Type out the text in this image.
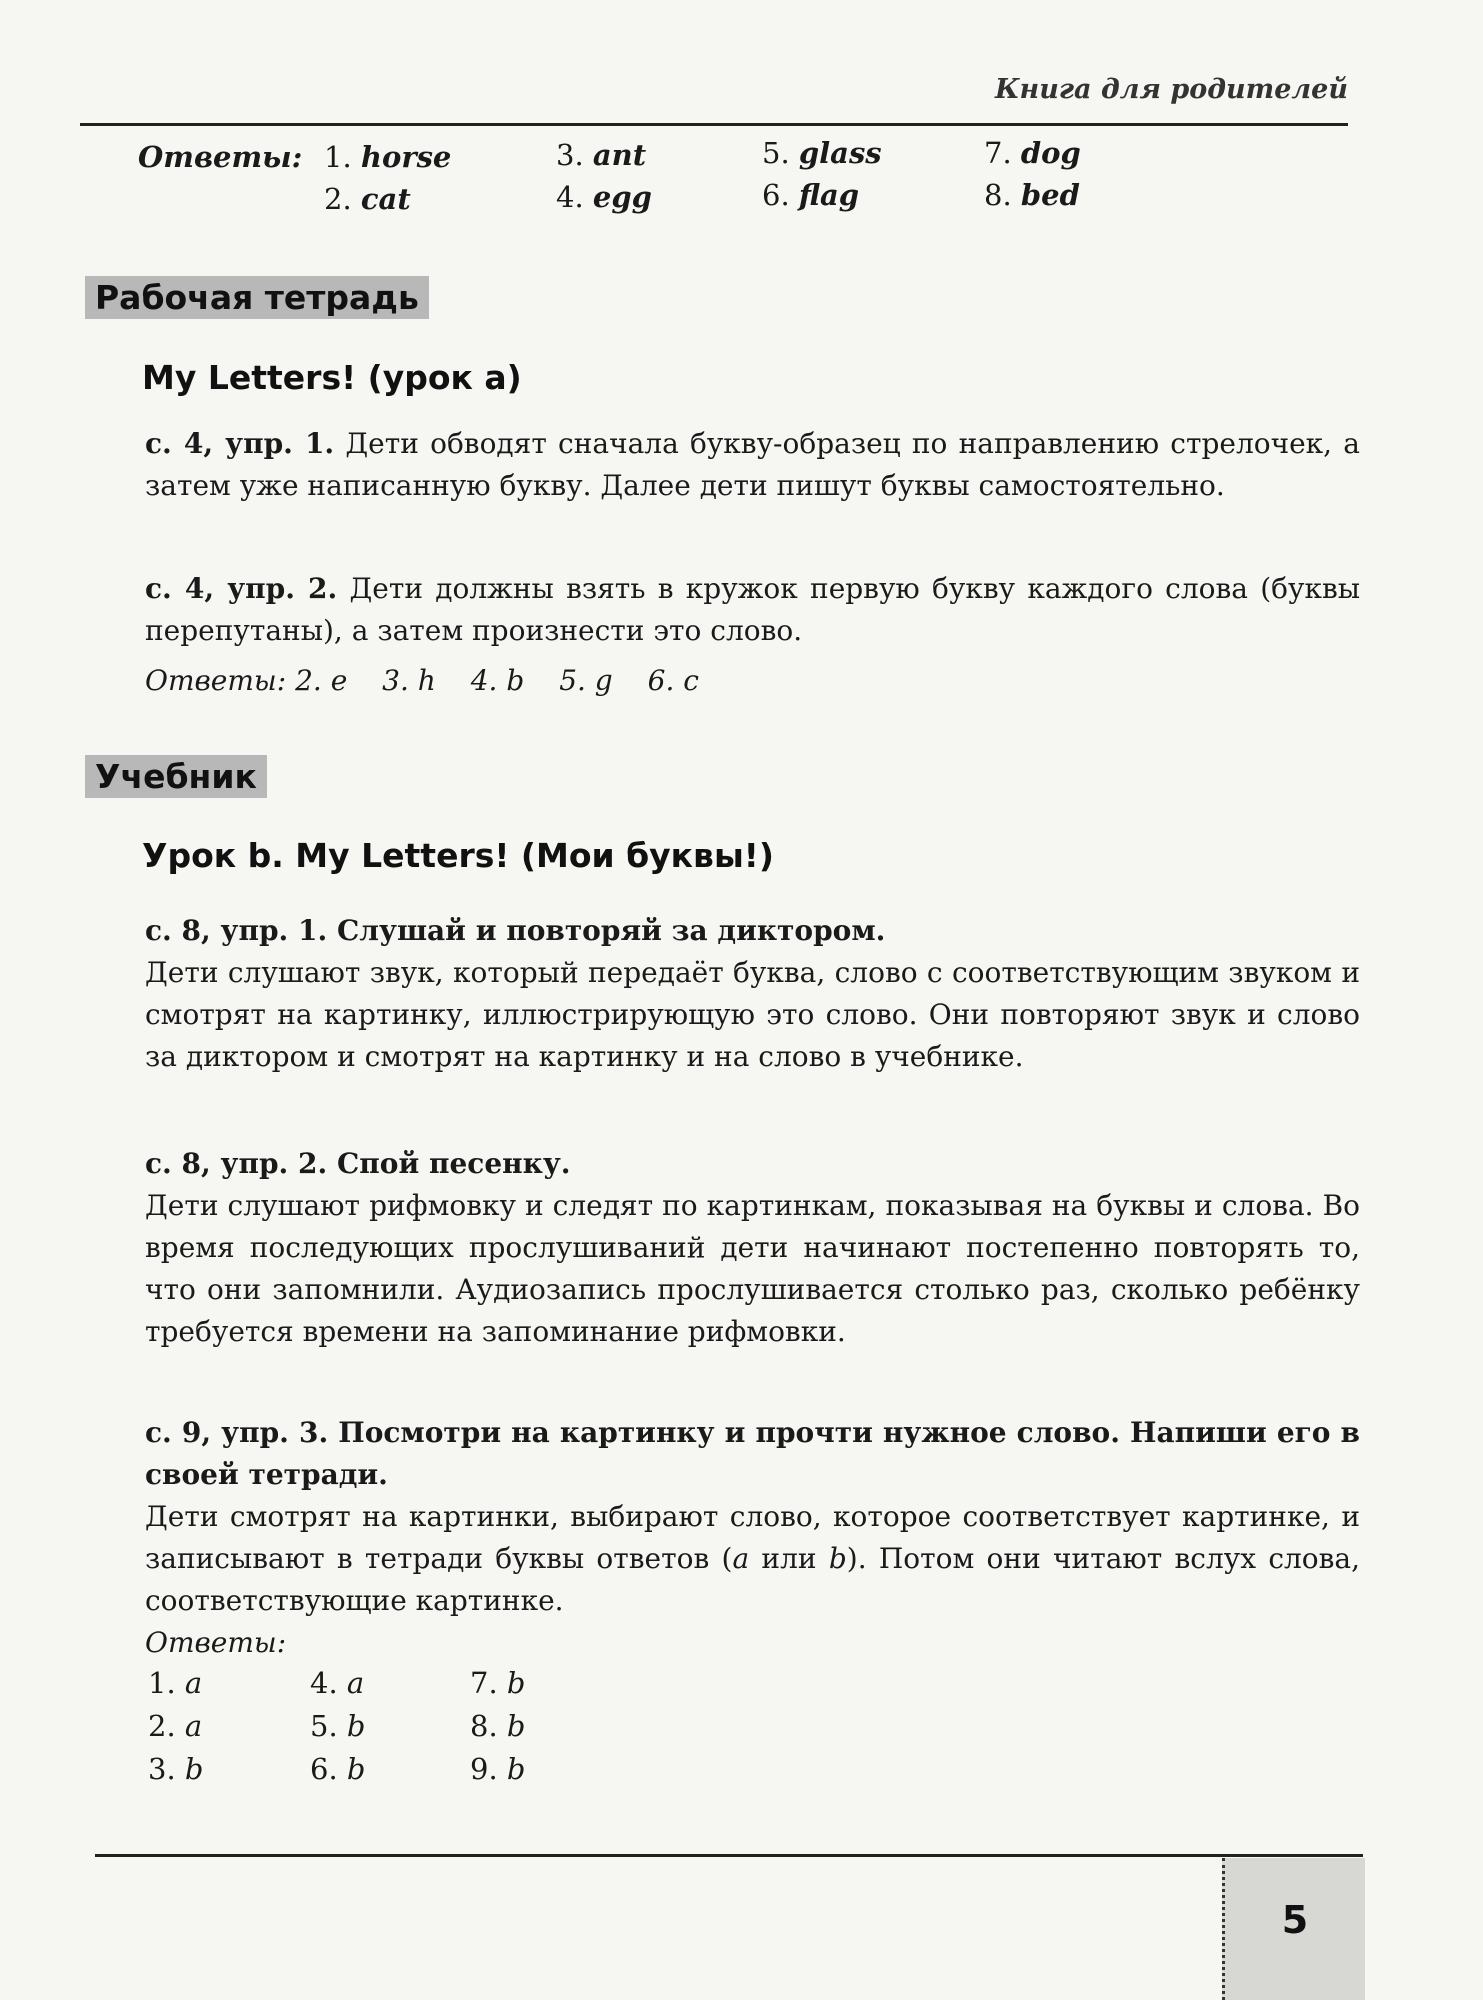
Книга для родителей
Ответы: 1. horse
2. cat
3. ant
4. egg
5. glass
6. flag
7. dog
8. bed
Рабочая тетрадь
My Letters! (урок a)
с. 4, упр. 1. Дети обводят сначала букву-образец по направлению стрелочек, а затем уже написанную букву. Далее дети пишут буквы самостоятельно.
с. 4, упр. 2. Дети должны взять в кружок первую букву каждого слова (буквы перепутаны), а затем произнести это слово.
Ответы: 2. e 3. h 4. b 5. g 6. c
Учебник
Урок b. My Letters! (Мои буквы!)
с. 8, упр. 1. Слушай и повторяй за диктором.
Дети слушают звук, который передаёт буква, слово с соответствующим звуком и смотрят на картинку, иллюстрирующую это слово. Они повторяют звук и слово за диктором и смотрят на картинку и на слово в учебнике.
с. 8, упр. 2. Спой песенку.
Дети слушают рифмовку и следят по картинкам, показывая на буквы и слова. Во время последующих прослушиваний дети начинают постепенно повторять то, что они запомнили. Аудиозапись прослушивается столько раз, сколько ребёнку требуется времени на запоминание рифмовки.
с. 9, упр. 3. Посмотри на картинку и прочти нужное слово. Напиши его в своей тетради.
Дети смотрят на картинки, выбирают слово, которое соответствует картинке, и записывают в тетради буквы ответов (a или b). Потом они читают вслух слова, соответствующие картинке.
Ответы:
1. a
2. a
3. b
4. a
5. b
6. b
7. b
8. b
9. b
5
